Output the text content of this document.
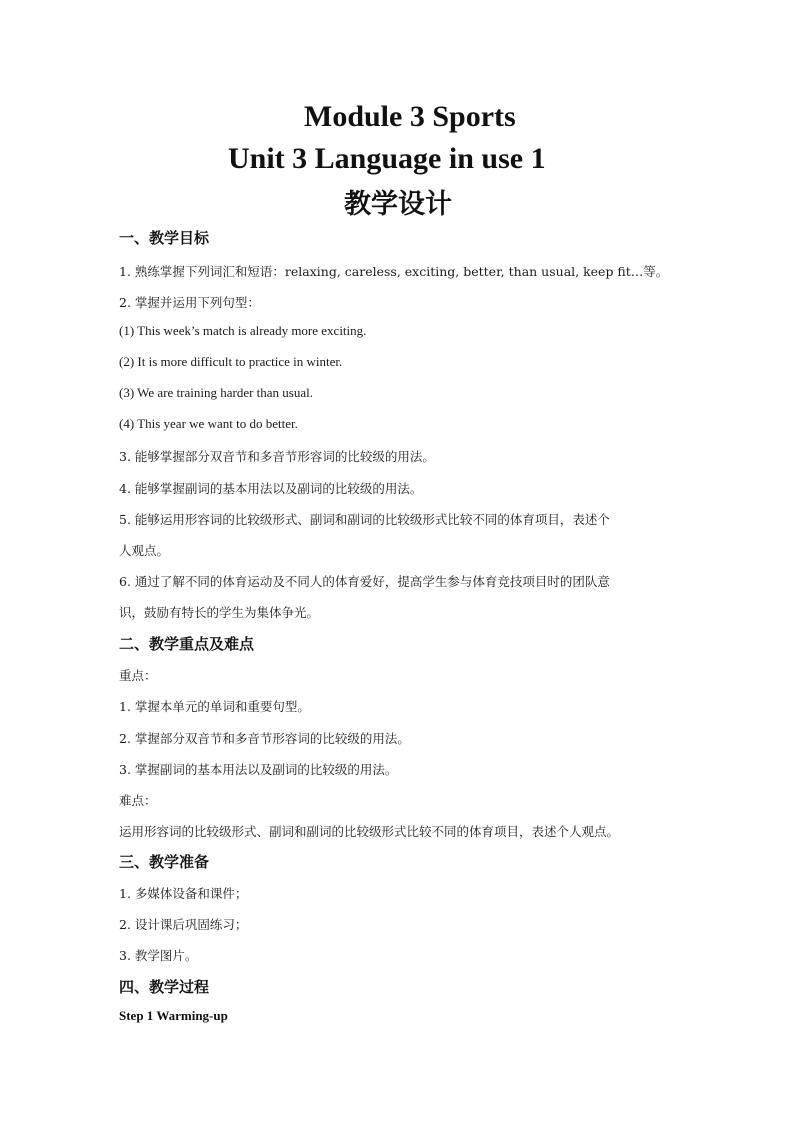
Module 3 Sports
Unit 3 Language in use 1
教学设计
一、教学目标
1. 熟练掌握下列词汇和短语：relaxing, careless, exciting, better, than usual, keep fit…等。
2. 掌握并运用下列句型：
(1) This week’s match is already more exciting.
(2) It is more difficult to practice in winter.
(3) We are training harder than usual.
(4) This year we want to do better.
3. 能够掌握部分双音节和多音节形容词的比较级的用法。
4. 能够掌握副词的基本用法以及副词的比较级的用法。
5. 能够运用形容词的比较级形式、副词和副词的比较级形式比较不同的体育项目，表述个
人观点。
6. 通过了解不同的体育运动及不同人的体育爱好，提高学生参与体育竞技项目时的团队意
识，鼓励有特长的学生为集体争光。
二、教学重点及难点
重点：
1. 掌握本单元的单词和重要句型。
2. 掌握部分双音节和多音节形容词的比较级的用法。
3. 掌握副词的基本用法以及副词的比较级的用法。
难点：
运用形容词的比较级形式、副词和副词的比较级形式比较不同的体育项目，表述个人观点。
三、教学准备
1. 多媒体设备和课件；
2. 设计课后巩固练习；
3. 教学图片。
四、教学过程
Step 1 Warming-up
